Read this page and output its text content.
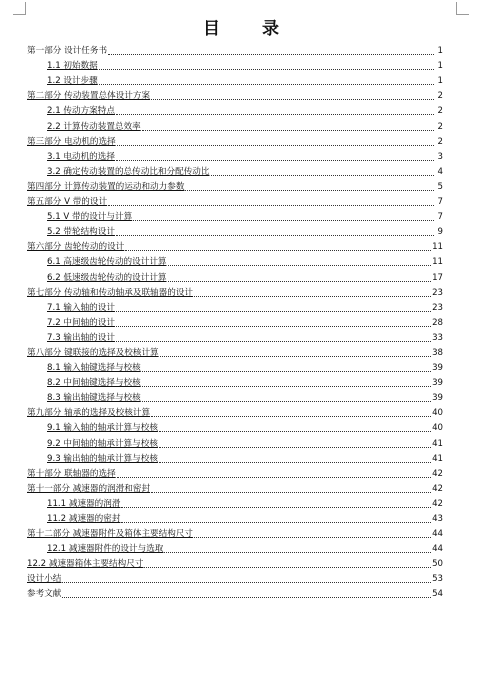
目 录
第一部分 设计任务书	1
1.1 初始数据	1
1.2 设计步骤	1
第二部分 传动装置总体设计方案	2
2.1 传动方案特点	2
2.2 计算传动装置总效率	2
第三部分 电动机的选择	2
3.1 电动机的选择	3
3.2 确定传动装置的总传动比和分配传动比	4
第四部分 计算传动装置的运动和动力参数	5
第五部分 V 带的设计	7
5.1 V 带的设计与计算	7
5.2 带轮结构设计	9
第六部分 齿轮传动的设计	11
6.1 高速级齿轮传动的设计计算	11
6.2 低速级齿轮传动的设计计算	17
第七部分 传动轴和传动轴承及联轴器的设计	23
7.1 输入轴的设计	23
7.2 中间轴的设计	28
7.3 输出轴的设计	33
第八部分 键联接的选择及校核计算	38
8.1 输入轴键选择与校核	39
8.2 中间轴键选择与校核	39
8.3 输出轴键选择与校核	39
第九部分 轴承的选择及校核计算	40
9.1 输入轴的轴承计算与校核	40
9.2 中间轴的轴承计算与校核	41
9.3 输出轴的轴承计算与校核	41
第十部分 联轴器的选择	42
第十一部分 减速器的润滑和密封	42
11.1 减速器的润滑	42
11.2 减速器的密封	43
第十二部分 减速器附件及箱体主要结构尺寸	44
12.1 减速器附件的设计与选取	44
12.2 减速器箱体主要结构尺寸	50
设计小结	53
参考文献	54
